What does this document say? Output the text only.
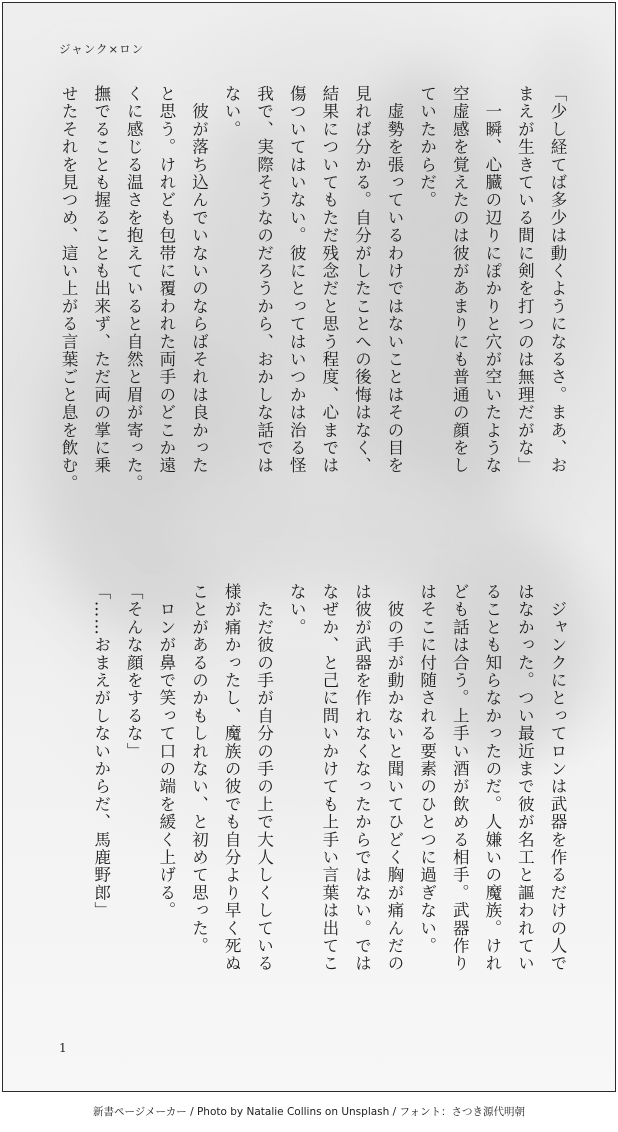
ジャンク×ロン

「少し経てば多少は動くようになるさ。まあ、お

まえが生きている間に剣を打つのは無理だがな」

　一瞬、心臓の辺りにぽかりと穴が空いたような

空虚感を覚えたのは彼があまりにも普通の顔をし

ていたからだ。

　虚勢を張っているわけではないことはその目を

見れば分かる。自分がしたことへの後悔はなく、

結果についてもただ残念だと思う程度、心までは

傷ついてはいない。彼にとってはいつかは治る怪

我で、実際そうなのだろうから、おかしな話では

ない。

　彼が落ち込んでいないのならばそれは良かった

と思う。けれども包帯に覆われた両手のどこか遠

くに感じる温さを抱えていると自然と眉が寄った。

撫でることも握ることも出来ず、ただ両の掌に乗

せたそれを見つめ、這い上がる言葉ごと息を飲む。

　ジャンクにとってロンは武器を作るだけの人で

はなかった。つい最近まで彼が名工と謳われてい

ることも知らなかったのだ。人嫌いの魔族。けれ

ども話は合う。上手い酒が飲める相手。武器作り

はそこに付随される要素のひとつに過ぎない。

　彼の手が動かないと聞いてひどく胸が痛んだの

は彼が武器を作れなくなったからではない。では

なぜか、と己に問いかけても上手い言葉は出てこ

ない。

　ただ彼の手が自分の手の上で大人しくしている

様が痛かったし、魔族の彼でも自分より早く死ぬ

ことがあるのかもしれない、と初めて思った。

　ロンが鼻で笑って口の端を緩く上げる。

「そんな顔をするな」

「……おまえがしないからだ、馬鹿野郎」

1
新書ページメーカー / Photo by Natalie Collins on Unsplash / フォント：さつき源代明朝
